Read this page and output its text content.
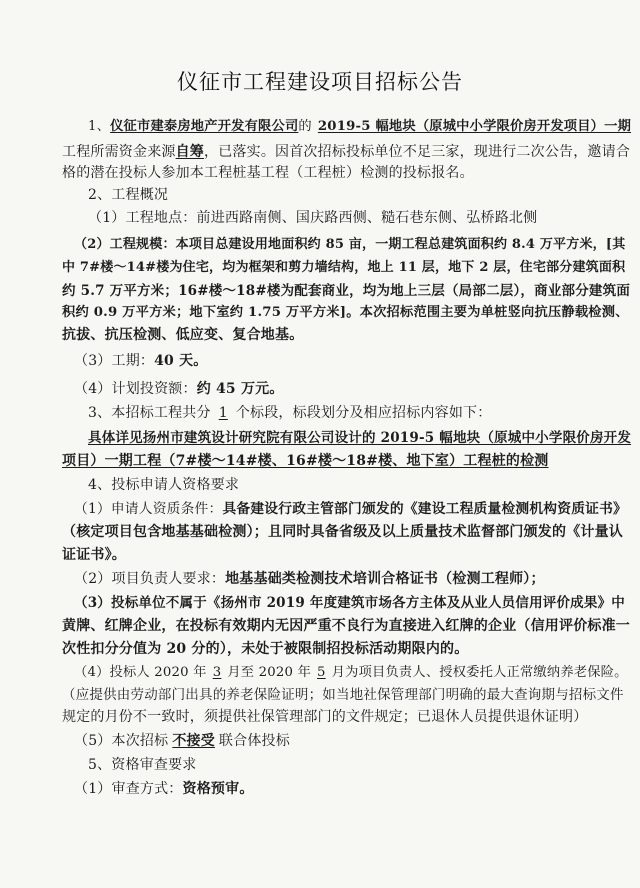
仪征市工程建设项目招标公告
1、仪征市建泰房地产开发有限公司的 2019-5 幅地块（原城中小学限价房开发项目）一期
工程所需资金来源自筹，已落实。因首次招标投标单位不足三家，现进行二次公告，邀请合
格的潜在投标人参加本工程桩基工程（工程桩）检测的投标报名。
2、工程概况
（1）工程地点：前进西路南侧、国庆路西侧、糙石巷东侧、弘桥路北侧
（2）工程规模：本项目总建设用地面积约 85 亩，一期工程总建筑面积约 8.4 万平方米，[其
中 7#楼～14#楼为住宅，均为框架和剪力墙结构，地上 11 层，地下 2 层，住宅部分建筑面积
约 5.7 万平方米；16#楼～18#楼为配套商业，均为地上三层（局部二层），商业部分建筑面
积约 0.9 万平方米；地下室约 1.75 万平方米]。本次招标范围主要为单桩竖向抗压静载检测、
抗拔、抗压检测、低应变、复合地基。
（3）工期：40 天。
（4）计划投资额：约 45 万元。
3、本招标工程共分 1 个标段，标段划分及相应招标内容如下：
具体详见扬州市建筑设计研究院有限公司设计的 2019-5 幅地块（原城中小学限价房开发
项目）一期工程（7#楼～14#楼、16#楼～18#楼、地下室）工程桩的检测
4、投标申请人资格要求
（1）申请人资质条件：具备建设行政主管部门颁发的《建设工程质量检测机构资质证书》
（核定项目包含地基基础检测）；且同时具备省级及以上质量技术监督部门颁发的《计量认
证证书》。
（2）项目负责人要求：地基基础类检测技术培训合格证书（检测工程师）；
（3）投标单位不属于《扬州市 2019 年度建筑市场各方主体及从业人员信用评价成果》中
黄牌、红牌企业，在投标有效期内无因严重不良行为直接进入红牌的企业（信用评价标准一
次性扣分分值为 20 分的），未处于被限制招投标活动期限内的。
（4）投标人 2020 年 3 月至 2020 年 5 月为项目负责人、授权委托人正常缴纳养老保险。
（应提供由劳动部门出具的养老保险证明；如当地社保管理部门明确的最大查询期与招标文件
规定的月份不一致时，须提供社保管理部门的文件规定；已退休人员提供退休证明）
（5）本次招标 不接受 联合体投标
5、资格审查要求
（1）审查方式：资格预审。
